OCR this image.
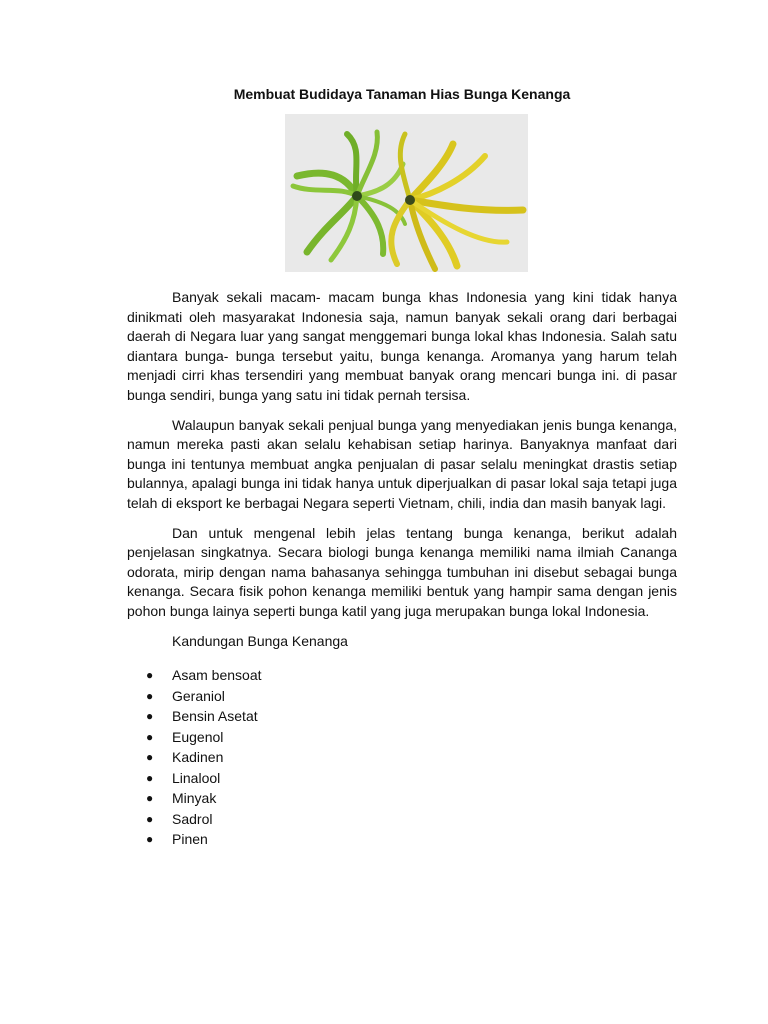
Membuat Budidaya Tanaman Hias Bunga Kenanga

Banyak sekali macam- macam bunga khas Indonesia yang kini tidak hanya dinikmati oleh masyarakat Indonesia saja, namun banyak sekali orang dari berbagai daerah di Negara luar yang sangat menggemari bunga lokal khas Indonesia. Salah satu diantara bunga- bunga tersebut yaitu, bunga kenanga. Aromanya yang harum telah menjadi cirri khas tersendiri yang membuat banyak orang mencari bunga ini. di pasar bunga sendiri, bunga yang satu ini tidak pernah tersisa.

Walaupun banyak sekali penjual bunga yang menyediakan jenis bunga kenanga, namun mereka pasti akan selalu kehabisan setiap harinya. Banyaknya manfaat dari bunga ini tentunya membuat angka penjualan di pasar selalu meningkat drastis setiap bulannya, apalagi bunga ini tidak hanya untuk diperjualkan di pasar lokal saja tetapi juga telah di eksport ke berbagai Negara seperti Vietnam, chili, india dan masih banyak lagi.

Dan untuk mengenal lebih jelas tentang bunga kenanga, berikut adalah penjelasan singkatnya. Secara biologi bunga kenanga memiliki nama ilmiah Cananga odorata, mirip dengan nama bahasanya sehingga tumbuhan ini disebut sebagai bunga kenanga. Secara fisik pohon kenanga memiliki bentuk yang hampir sama dengan jenis pohon bunga lainya seperti bunga katil yang juga merupakan bunga lokal Indonesia.

Kandungan Bunga Kenanga

● Asam bensoat
● Geraniol
● Bensin Asetat
● Eugenol
● Kadinen
● Linalool
● Minyak
● Sadrol
● Pinen
